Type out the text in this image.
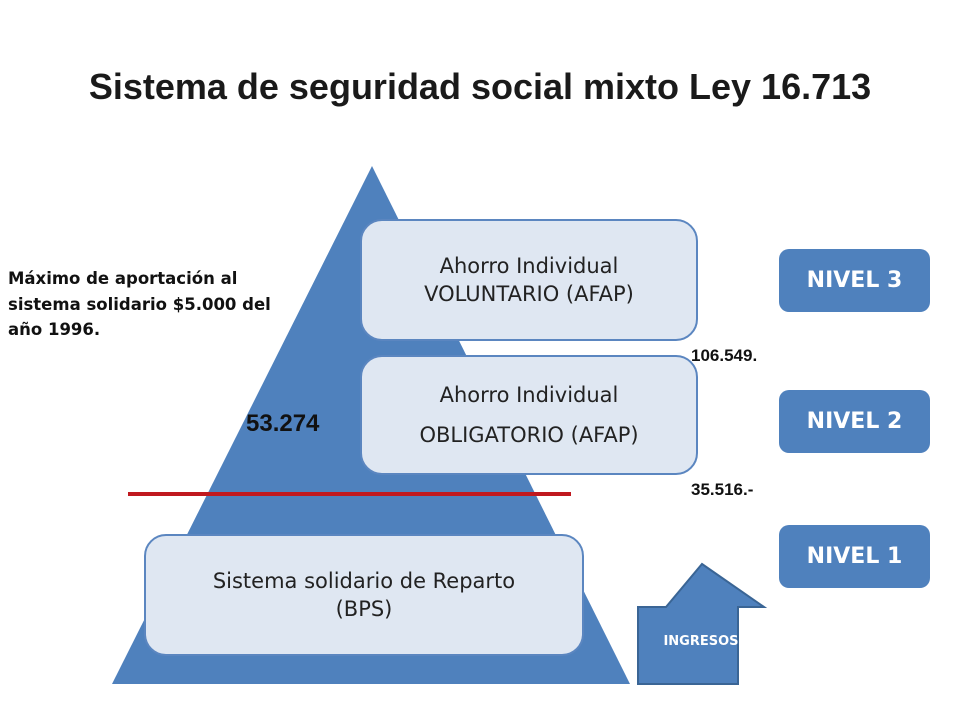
Sistema de seguridad social mixto Ley 16.713
Ahorro Individual
VOLUNTARIO (AFAP)
Ahorro Individual
OBLIGATORIO (AFAP)
Sistema solidario de Reparto
(BPS)
Máximo de aportación al
sistema solidario $5.000 del
año 1996.
53.274
106.549.
35.516.-
NIVEL 3
NIVEL 2
NIVEL 1
INGRESOS
